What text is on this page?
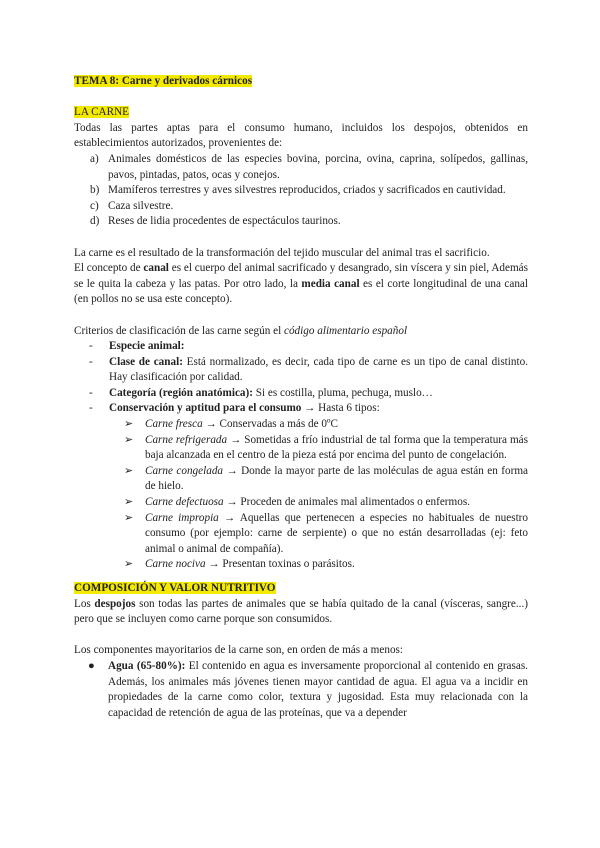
TEMA 8: Carne y derivados cárnicos
LA CARNE

Todas las partes aptas para el consumo humano, incluidos los despojos, obtenidos en establecimientos autorizados, provenientes de:

a) Animales domésticos de las especies bovina, porcina, ovina, caprina, solípedos, gallinas, pavos, pintadas, patos, ocas y conejos.
b) Mamíferos terrestres y aves silvestres reproducidos, criados y sacrificados en cautividad.
c) Caza silvestre.
d) Reses de lidia procedentes de espectáculos taurinos.

La carne es el resultado de la transformación del tejido muscular del animal tras el sacrificio.

El concepto de canal es el cuerpo del animal sacrificado y desangrado, sin víscera y sin piel, Además se le quita la cabeza y las patas. Por otro lado, la media canal es el corte longitudinal de una canal (en pollos no se usa este concepto).

Criterios de clasificación de las carne según el código alimentario español

- Especie animal:
- Clase de canal: Está normalizado, es decir, cada tipo de carne es un tipo de canal distinto. Hay clasificación por calidad.
- Categoría (región anatómica): Si es costilla, pluma, pechuga, muslo…
- Conservación y aptitud para el consumo → Hasta 6 tipos:
➢ Carne fresca → Conservadas a más de 0ºC
➢ Carne refrigerada → Sometidas a frío industrial de tal forma que la temperatura más baja alcanzada en el centro de la pieza está por encima del punto de congelación.
➢ Carne congelada → Donde la mayor parte de las moléculas de agua están en forma de hielo.
➢ Carne defectuosa → Proceden de animales mal alimentados o enfermos.
➢ Carne impropia → Aquellas que pertenecen a especies no habituales de nuestro consumo (por ejemplo: carne de serpiente) o que no están desarrolladas (ej: feto animal o animal de compañía).
➢ Carne nociva → Presentan toxinas o parásitos.
COMPOSICIÓN Y VALOR NUTRITIVO

Los despojos son todas las partes de animales que se había quitado de la canal (vísceras, sangre...) pero que se incluyen como carne porque son consumidos.

Los componentes mayoritarios de la carne son, en orden de más a menos:

● Agua (65-80%): El contenido en agua es inversamente proporcional al contenido en grasas. Además, los animales más jóvenes tienen mayor cantidad de agua. El agua va a incidir en propiedades de la carne como color, textura y jugosidad. Esta muy relacionada con la capacidad de retención de agua de las proteínas, que va a depender
